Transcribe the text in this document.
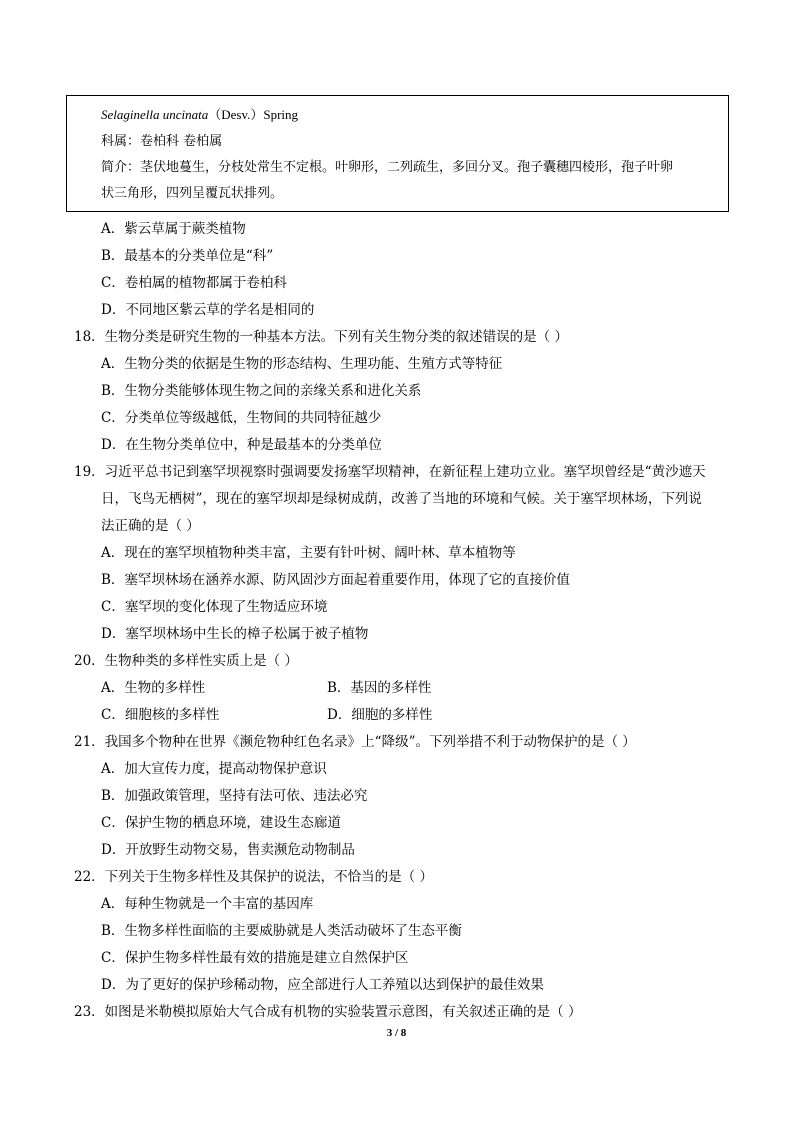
Selaginella uncinata（Desv.）Spring
科属：卷柏科 卷柏属
简介：茎伏地蔓生，分枝处常生不定根。叶卵形，二列疏生，多回分叉。孢子囊穗四棱形，孢子叶卵
状三角形，四列呈覆瓦状排列。
A．紫云草属于蕨类植物
B．最基本的分类单位是“科”
C．卷柏属的植物都属于卷柏科
D．不同地区紫云草的学名是相同的
18．生物分类是研究生物的一种基本方法。下列有关生物分类的叙述错误的是（ ）
A．生物分类的依据是生物的形态结构、生理功能、生殖方式等特征
B．生物分类能够体现生物之间的亲缘关系和进化关系
C．分类单位等级越低，生物间的共同特征越少
D．在生物分类单位中，种是最基本的分类单位
19．习近平总书记到塞罕坝视察时强调要发扬塞罕坝精神，在新征程上建功立业。塞罕坝曾经是“黄沙遮天
日，飞鸟无栖树”，现在的塞罕坝却是绿树成荫，改善了当地的环境和气候。关于塞罕坝林场，下列说
法正确的是（ ）
A．现在的塞罕坝植物种类丰富，主要有针叶树、阔叶林、草本植物等
B．塞罕坝林场在涵养水源、防风固沙方面起着重要作用，体现了它的直接价值
C．塞罕坝的变化体现了生物适应环境
D．塞罕坝林场中生长的樟子松属于被子植物
20．生物种类的多样性实质上是（ ）
A．生物的多样性	B．基因的多样性
C．细胞核的多样性	D．细胞的多样性
21．我国多个物种在世界《濒危物种红色名录》上“降级”。下列举措不利于动物保护的是（ ）
A．加大宣传力度，提高动物保护意识
B．加强政策管理，坚持有法可依、违法必究
C．保护生物的栖息环境，建设生态廊道
D．开放野生动物交易，售卖濒危动物制品
22．下列关于生物多样性及其保护的说法，不恰当的是（ ）
A．每种生物就是一个丰富的基因库
B．生物多样性面临的主要威胁就是人类活动破坏了生态平衡
C．保护生物多样性最有效的措施是建立自然保护区
D．为了更好的保护珍稀动物，应全部进行人工养殖以达到保护的最佳效果
23．如图是米勒模拟原始大气合成有机物的实验装置示意图，有关叙述正确的是（ ）
3 / 8
